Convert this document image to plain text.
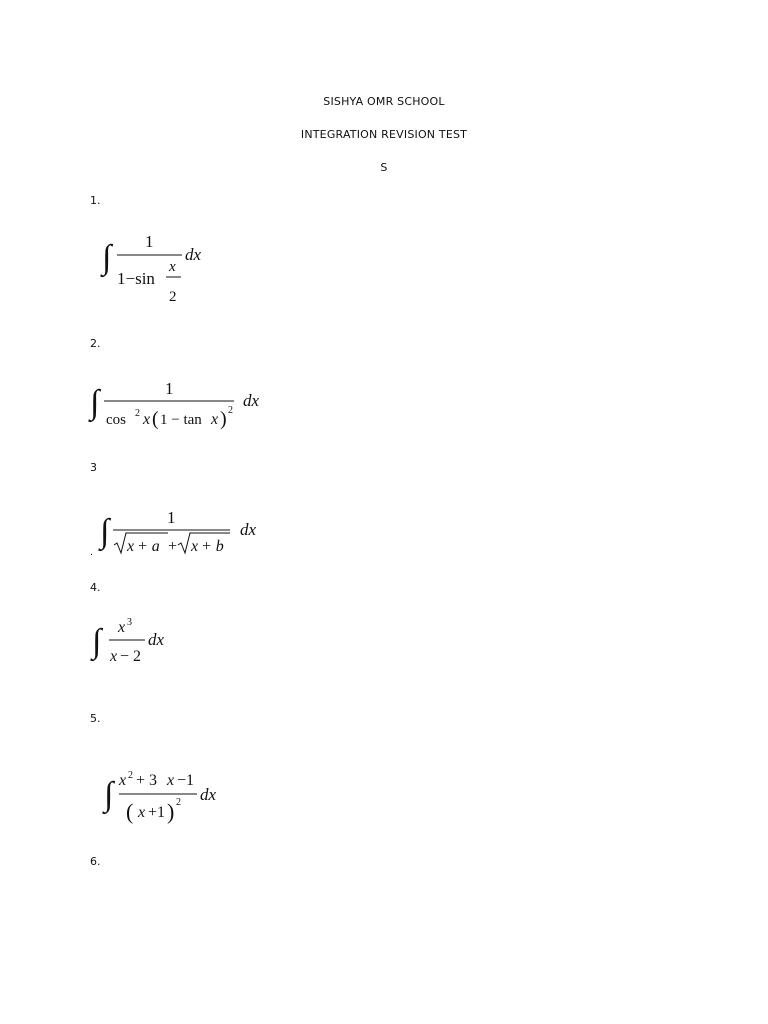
SISHYA OMR SCHOOL
INTEGRATION REVISION TEST
S
1.
∫ 1
1−sin
x
2
dx
2.
∫	1
cos 2 x ( 1 − tan x ) 2
dx
3
∫	1
x + a + x + b
dx
.
4.
∫ x 3
x − 2
dx
5.
∫ x 2 + 3 x −1
( x +1 ) 2 dx
6.
